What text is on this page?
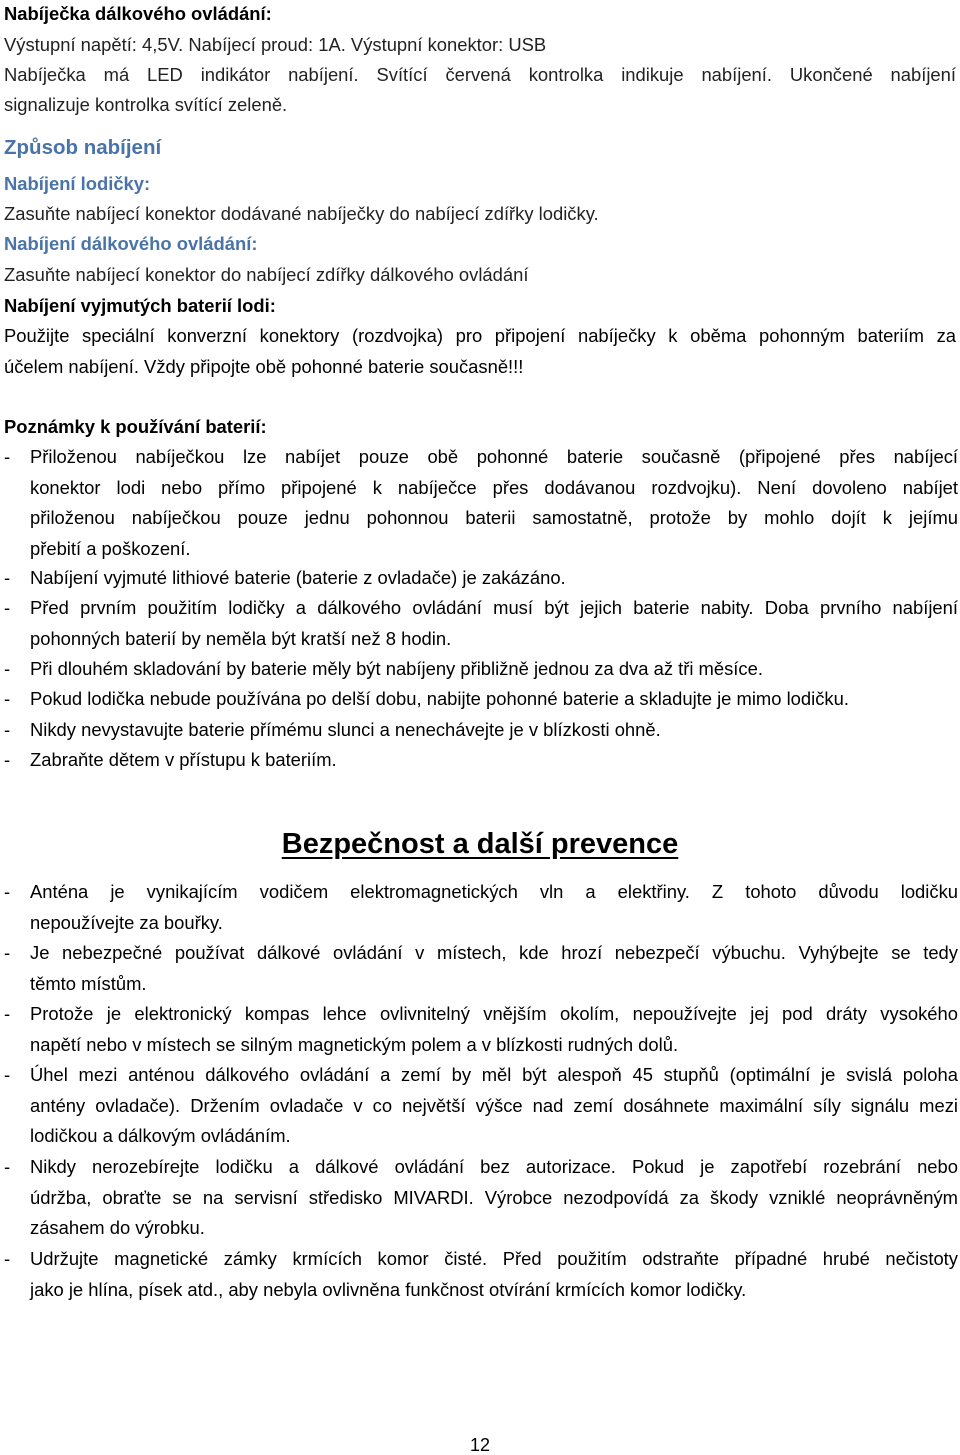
Nabíječka dálkového ovládání:

Výstupní napětí: 4,5V. Nabíjecí proud: 1A. Výstupní konektor: USB

Nabíječka má LED indikátor nabíjení. Svítící červená kontrolka indikuje nabíjení. Ukončené nabíjení

signalizuje kontrolka svítící zeleně.

Způsob nabíjení

Nabíjení lodičky:

Zasuňte nabíjecí konektor dodávané nabíječky do nabíjecí zdířky lodičky.

Nabíjení dálkového ovládání:

Zasuňte nabíjecí konektor do nabíjecí zdířky dálkového ovládání

Nabíjení vyjmutých baterií lodi:

Použijte speciální konverzní konektory (rozdvojka) pro připojení nabíječky k oběma pohonným bateriím za

účelem nabíjení. Vždy připojte obě pohonné baterie současně!!!

Poznámky k používání baterií:

- Přiloženou nabíječkou lze nabíjet pouze obě pohonné baterie současně (připojené přes nabíjecí
konektor lodi nebo přímo připojené k nabíječce přes dodávanou rozdvojku). Není dovoleno nabíjet
přiloženou nabíječkou pouze jednu pohonnou baterii samostatně, protože by mohlo dojít k jejímu
přebití a poškození.
- Nabíjení vyjmuté lithiové baterie (baterie z ovladače) je zakázáno.
- Před prvním použitím lodičky a dálkového ovládání musí být jejich baterie nabity. Doba prvního nabíjení
pohonných baterií by neměla být kratší než 8 hodin.
- Při dlouhém skladování by baterie měly být nabíjeny přibližně jednou za dva až tři měsíce.
- Pokud lodička nebude používána po delší dobu, nabijte pohonné baterie a skladujte je mimo lodičku.
- Nikdy nevystavujte baterie přímému slunci a nenechávejte je v blízkosti ohně.
- Zabraňte dětem v přístupu k bateriím.

Bezpečnost a další prevence

- Anténa je vynikajícím vodičem elektromagnetických vln a elektřiny. Z tohoto důvodu lodičku
nepoužívejte za bouřky.
- Je nebezpečné používat dálkové ovládání v místech, kde hrozí nebezpečí výbuchu. Vyhýbejte se tedy
těmto místům.
- Protože je elektronický kompas lehce ovlivnitelný vnějším okolím, nepoužívejte jej pod dráty vysokého
napětí nebo v místech se silným magnetickým polem a v blízkosti rudných dolů.
- Úhel mezi anténou dálkového ovládání a zemí by měl být alespoň 45 stupňů (optimální je svislá poloha
antény ovladače). Držením ovladače v co největší výšce nad zemí dosáhnete maximální síly signálu mezi
lodičkou a dálkovým ovládáním.
- Nikdy nerozebírejte lodičku a dálkové ovládání bez autorizace. Pokud je zapotřebí rozebrání nebo
údržba, obraťte se na servisní středisko MIVARDI. Výrobce nezodpovídá za škody vzniklé neoprávněným
zásahem do výrobku.
- Udržujte magnetické zámky krmících komor čisté. Před použitím odstraňte případné hrubé nečistoty
jako je hlína, písek atd., aby nebyla ovlivněna funkčnost otvírání krmících komor lodičky.

12
